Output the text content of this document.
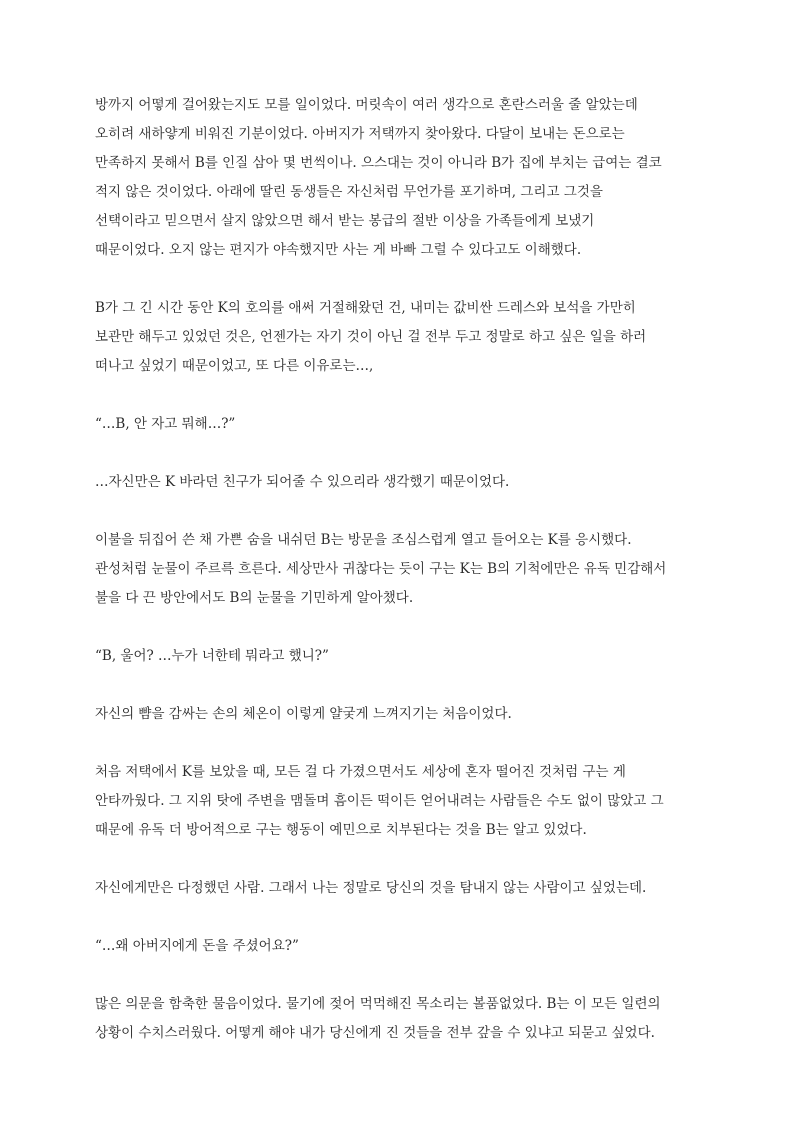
방까지 어떻게 걸어왔는지도 모를 일이었다. 머릿속이 여러 생각으로 혼란스러울 줄 알았는데
오히려 새하얗게 비워진 기분이었다. 아버지가 저택까지 찾아왔다. 다달이 보내는 돈으로는
만족하지 못해서 B를 인질 삼아 몇 번씩이나. 으스대는 것이 아니라 B가 집에 부치는 급여는 결코
적지 않은 것이었다. 아래에 딸린 동생들은 자신처럼 무언가를 포기하며, 그리고 그것을
선택이라고 믿으면서 살지 않았으면 해서 받는 봉급의 절반 이상을 가족들에게 보냈기
때문이었다. 오지 않는 편지가 야속했지만 사는 게 바빠 그럴 수 있다고도 이해했다.

B가 그 긴 시간 동안 K의 호의를 애써 거절해왔던 건, 내미는 값비싼 드레스와 보석을 가만히
보관만 해두고 있었던 것은, 언젠가는 자기 것이 아닌 걸 전부 두고 정말로 하고 싶은 일을 하러
떠나고 싶었기 때문이었고, 또 다른 이유로는…,

“…B, 안 자고 뭐해…?”

…자신만은 K 바라던 친구가 되어줄 수 있으리라 생각했기 때문이었다.

이불을 뒤집어 쓴 채 가쁜 숨을 내쉬던 B는 방문을 조심스럽게 열고 들어오는 K를 응시했다.
관성처럼 눈물이 주르륵 흐른다. 세상만사 귀찮다는 듯이 구는 K는 B의 기척에만은 유독 민감해서
불을 다 끈 방안에서도 B의 눈물을 기민하게 알아챘다.

“B, 울어? …누가 너한테 뭐라고 했니?”

자신의 뺨을 감싸는 손의 체온이 이렇게 얄궂게 느껴지기는 처음이었다.

처음 저택에서 K를 보았을 때, 모든 걸 다 가졌으면서도 세상에 혼자 떨어진 것처럼 구는 게
안타까웠다. 그 지위 탓에 주변을 맴돌며 흠이든 떡이든 얻어내려는 사람들은 수도 없이 많았고 그
때문에 유독 더 방어적으로 구는 행동이 예민으로 치부된다는 것을 B는 알고 있었다.

자신에게만은 다정했던 사람. 그래서 나는 정말로 당신의 것을 탐내지 않는 사람이고 싶었는데.

“…왜 아버지에게 돈을 주셨어요?”

많은 의문을 함축한 물음이었다. 물기에 젖어 먹먹해진 목소리는 볼품없었다. B는 이 모든 일련의
상황이 수치스러웠다. 어떻게 해야 내가 당신에게 진 것들을 전부 갚을 수 있냐고 되묻고 싶었다.
